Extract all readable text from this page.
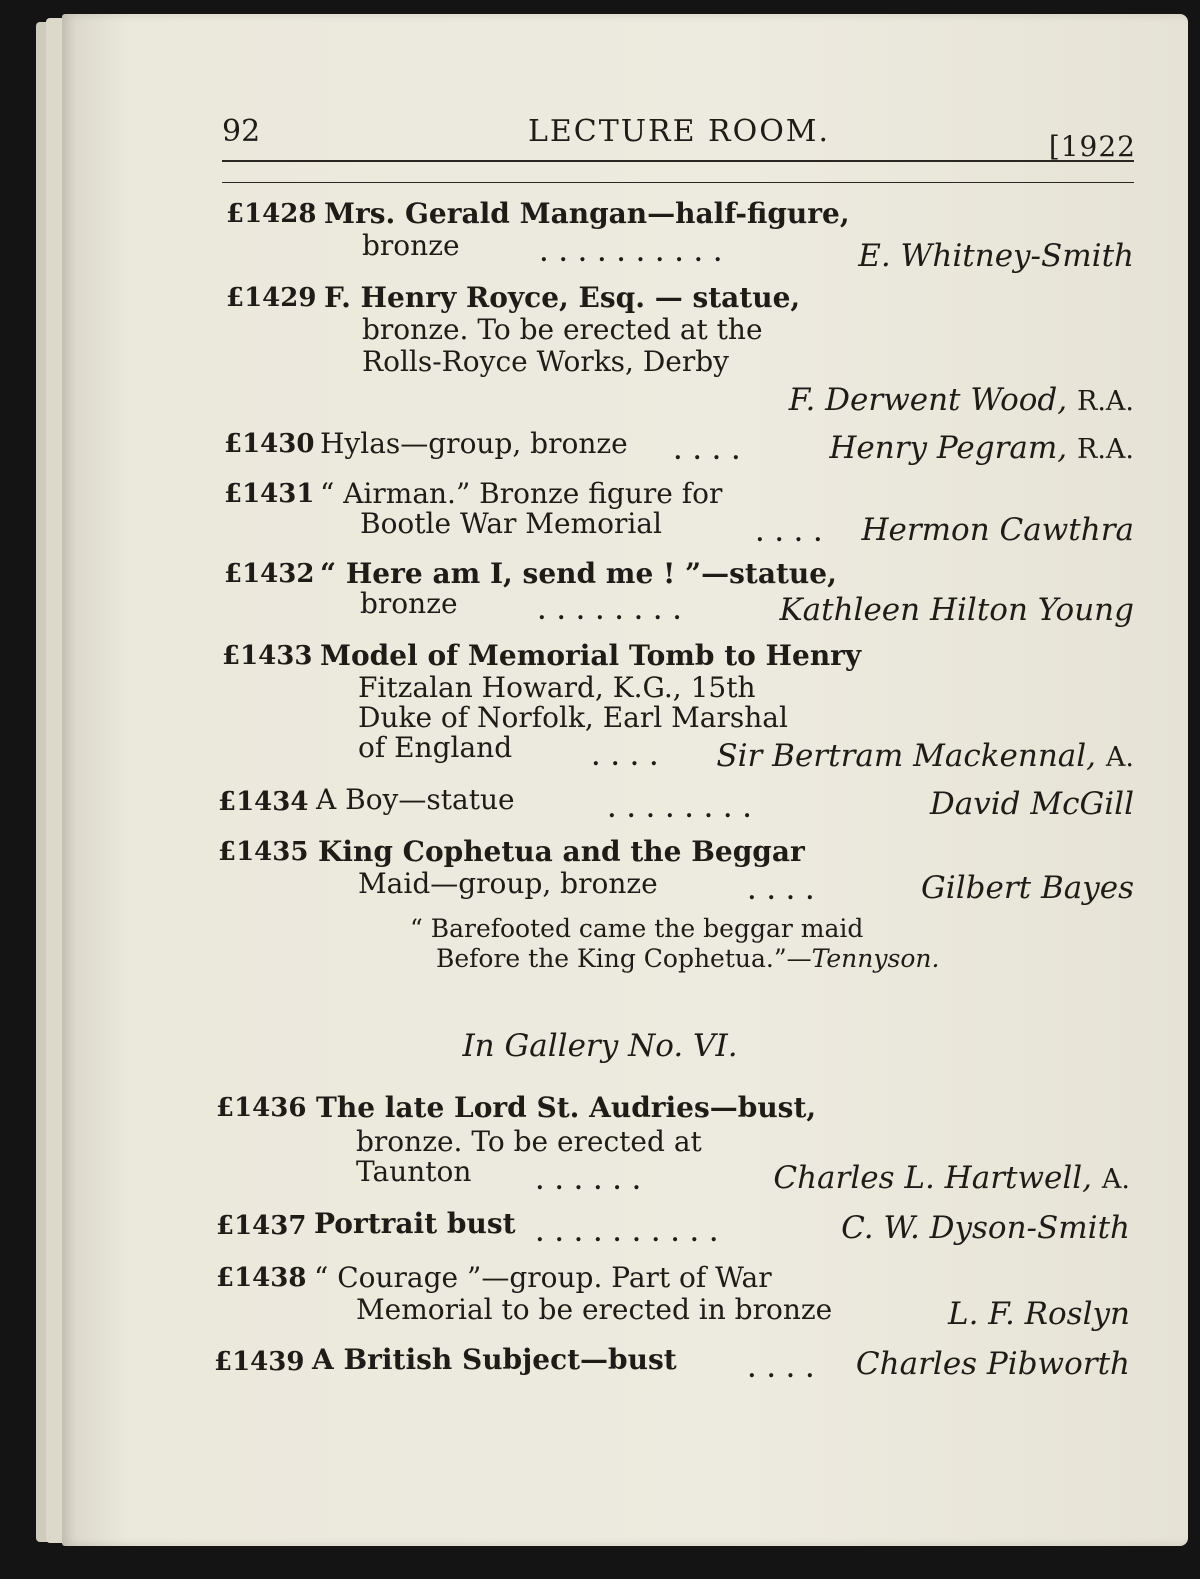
92	LECTURE ROOM.	[1922
£1428 Mrs. Gerald Mangan—half-figure,
bronze	. . . . . . . . . .	E. Whitney-Smith
£1429 F. Henry Royce, Esq. — statue,
bronze. To be erected at the
Rolls-Royce Works, Derby
F. Derwent Wood, R.A.
£1430 Hylas—group, bronze . . . .	Henry Pegram, R.A.
£1431 “ Airman.” Bronze figure for
Bootle War Memorial	. . . . Hermon Cawthra
£1432 “ Here am I, send me ! ”—statue,
bronze	. . . . . . . .	Kathleen Hilton Young
£1433 Model of Memorial Tomb to Henry
Fitzalan Howard, K.G., 15th
Duke of Norfolk, Earl Marshal
of England	. . . . Sir Bertram Mackennal, A.
£1434 A Boy—statue	. . . . . . . .	David McGill
£1435 King Cophetua and the Beggar
Maid—group, bronze	. . . .	Gilbert Bayes
“ Barefooted came the beggar maid
Before the King Cophetua.”—Tennyson.
In Gallery No. VI.
£1436 The late Lord St. Audries—bust,
bronze. To be erected at
Taunton	. . . . . .	Charles L. Hartwell, A.
£1437 Portrait bust . . . . . . . . . .	C. W. Dyson-Smith
£1438 “ Courage ”—group. Part of War
Memorial to be erected in bronze	L. F. Roslyn
£1439 A British Subject—bust	. . . . Charles Pibworth
